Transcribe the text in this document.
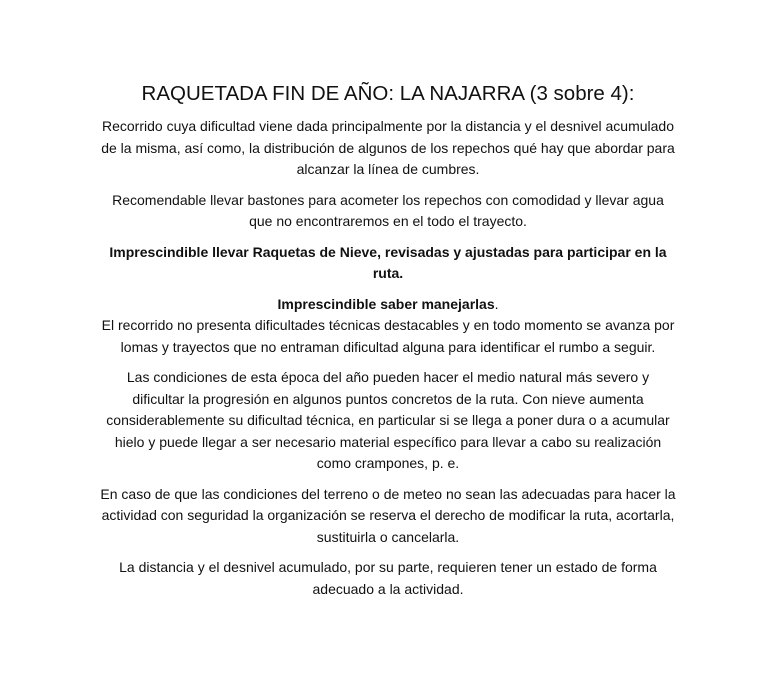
RAQUETADA FIN DE AÑO: LA NAJARRA (3 sobre 4):

Recorrido cuya dificultad viene dada principalmente por la distancia y el desnivel acumulado de la misma, así como, la distribución de algunos de los repechos qué hay que abordar para alcanzar la línea de cumbres.

Recomendable llevar bastones para acometer los repechos con comodidad y llevar agua que no encontraremos en el todo el trayecto.

Imprescindible llevar Raquetas de Nieve, revisadas y ajustadas para participar en la ruta.

Imprescindible saber manejarlas.

El recorrido no presenta dificultades técnicas destacables y en todo momento se avanza por lomas y trayectos que no entraman dificultad alguna para identificar el rumbo a seguir.

Las condiciones de esta época del año pueden hacer el medio natural más severo y dificultar la progresión en algunos puntos concretos de la ruta. Con nieve aumenta considerablemente su dificultad técnica, en particular si se llega a poner dura o a acumular hielo y puede llegar a ser necesario material específico para llevar a cabo su realización como crampones, p. e.

En caso de que las condiciones del terreno o de meteo no sean las adecuadas para hacer la actividad con seguridad la organización se reserva el derecho de modificar la ruta, acortarla, sustituirla o cancelarla.

La distancia y el desnivel acumulado, por su parte, requieren tener un estado de forma adecuado a la actividad.
